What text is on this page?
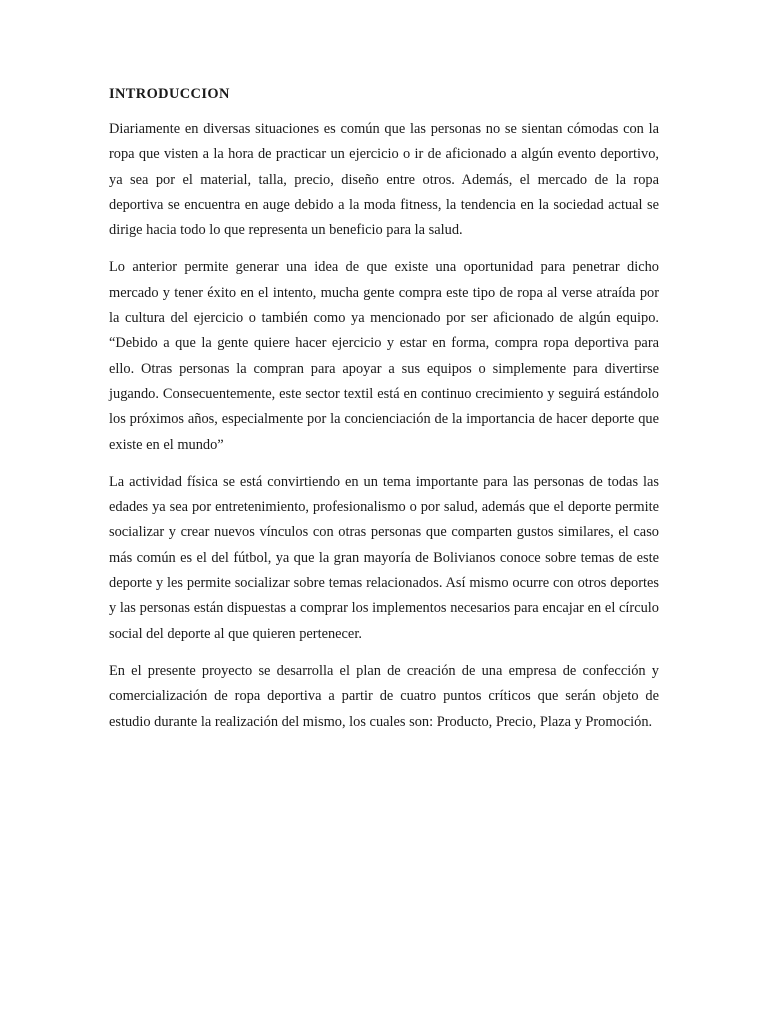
INTRODUCCION

Diariamente en diversas situaciones es común que las personas no se sientan cómodas con la ropa que visten a la hora de practicar un ejercicio o ir de aficionado a algún evento deportivo, ya sea por el material, talla, precio, diseño entre otros. Además, el mercado de la ropa deportiva se encuentra en auge debido a la moda fitness, la tendencia en la sociedad actual se dirige hacia todo lo que representa un beneficio para la salud.

Lo anterior permite generar una idea de que existe una oportunidad para penetrar dicho mercado y tener éxito en el intento, mucha gente compra este tipo de ropa al verse atraída por la cultura del ejercicio o también como ya mencionado por ser aficionado de algún equipo. “Debido a que la gente quiere hacer ejercicio y estar en forma, compra ropa deportiva para ello. Otras personas la compran para apoyar a sus equipos o simplemente para divertirse jugando. Consecuentemente, este sector textil está en continuo crecimiento y seguirá estándolo los próximos años, especialmente por la concienciación de la importancia de hacer deporte que existe en el mundo”

La actividad física se está convirtiendo en un tema importante para las personas de todas las edades ya sea por entretenimiento, profesionalismo o por salud, además que el deporte permite socializar y crear nuevos vínculos con otras personas que comparten gustos similares, el caso más común es el del fútbol, ya que la gran mayoría de Bolivianos conoce sobre temas de este deporte y les permite socializar sobre temas relacionados. Así mismo ocurre con otros deportes y las personas están dispuestas a comprar los implementos necesarios para encajar en el círculo social del deporte al que quieren pertenecer.

En el presente proyecto se desarrolla el plan de creación de una empresa de confección y comercialización de ropa deportiva a partir de cuatro puntos críticos que serán objeto de estudio durante la realización del mismo, los cuales son: Producto, Precio, Plaza y Promoción.
